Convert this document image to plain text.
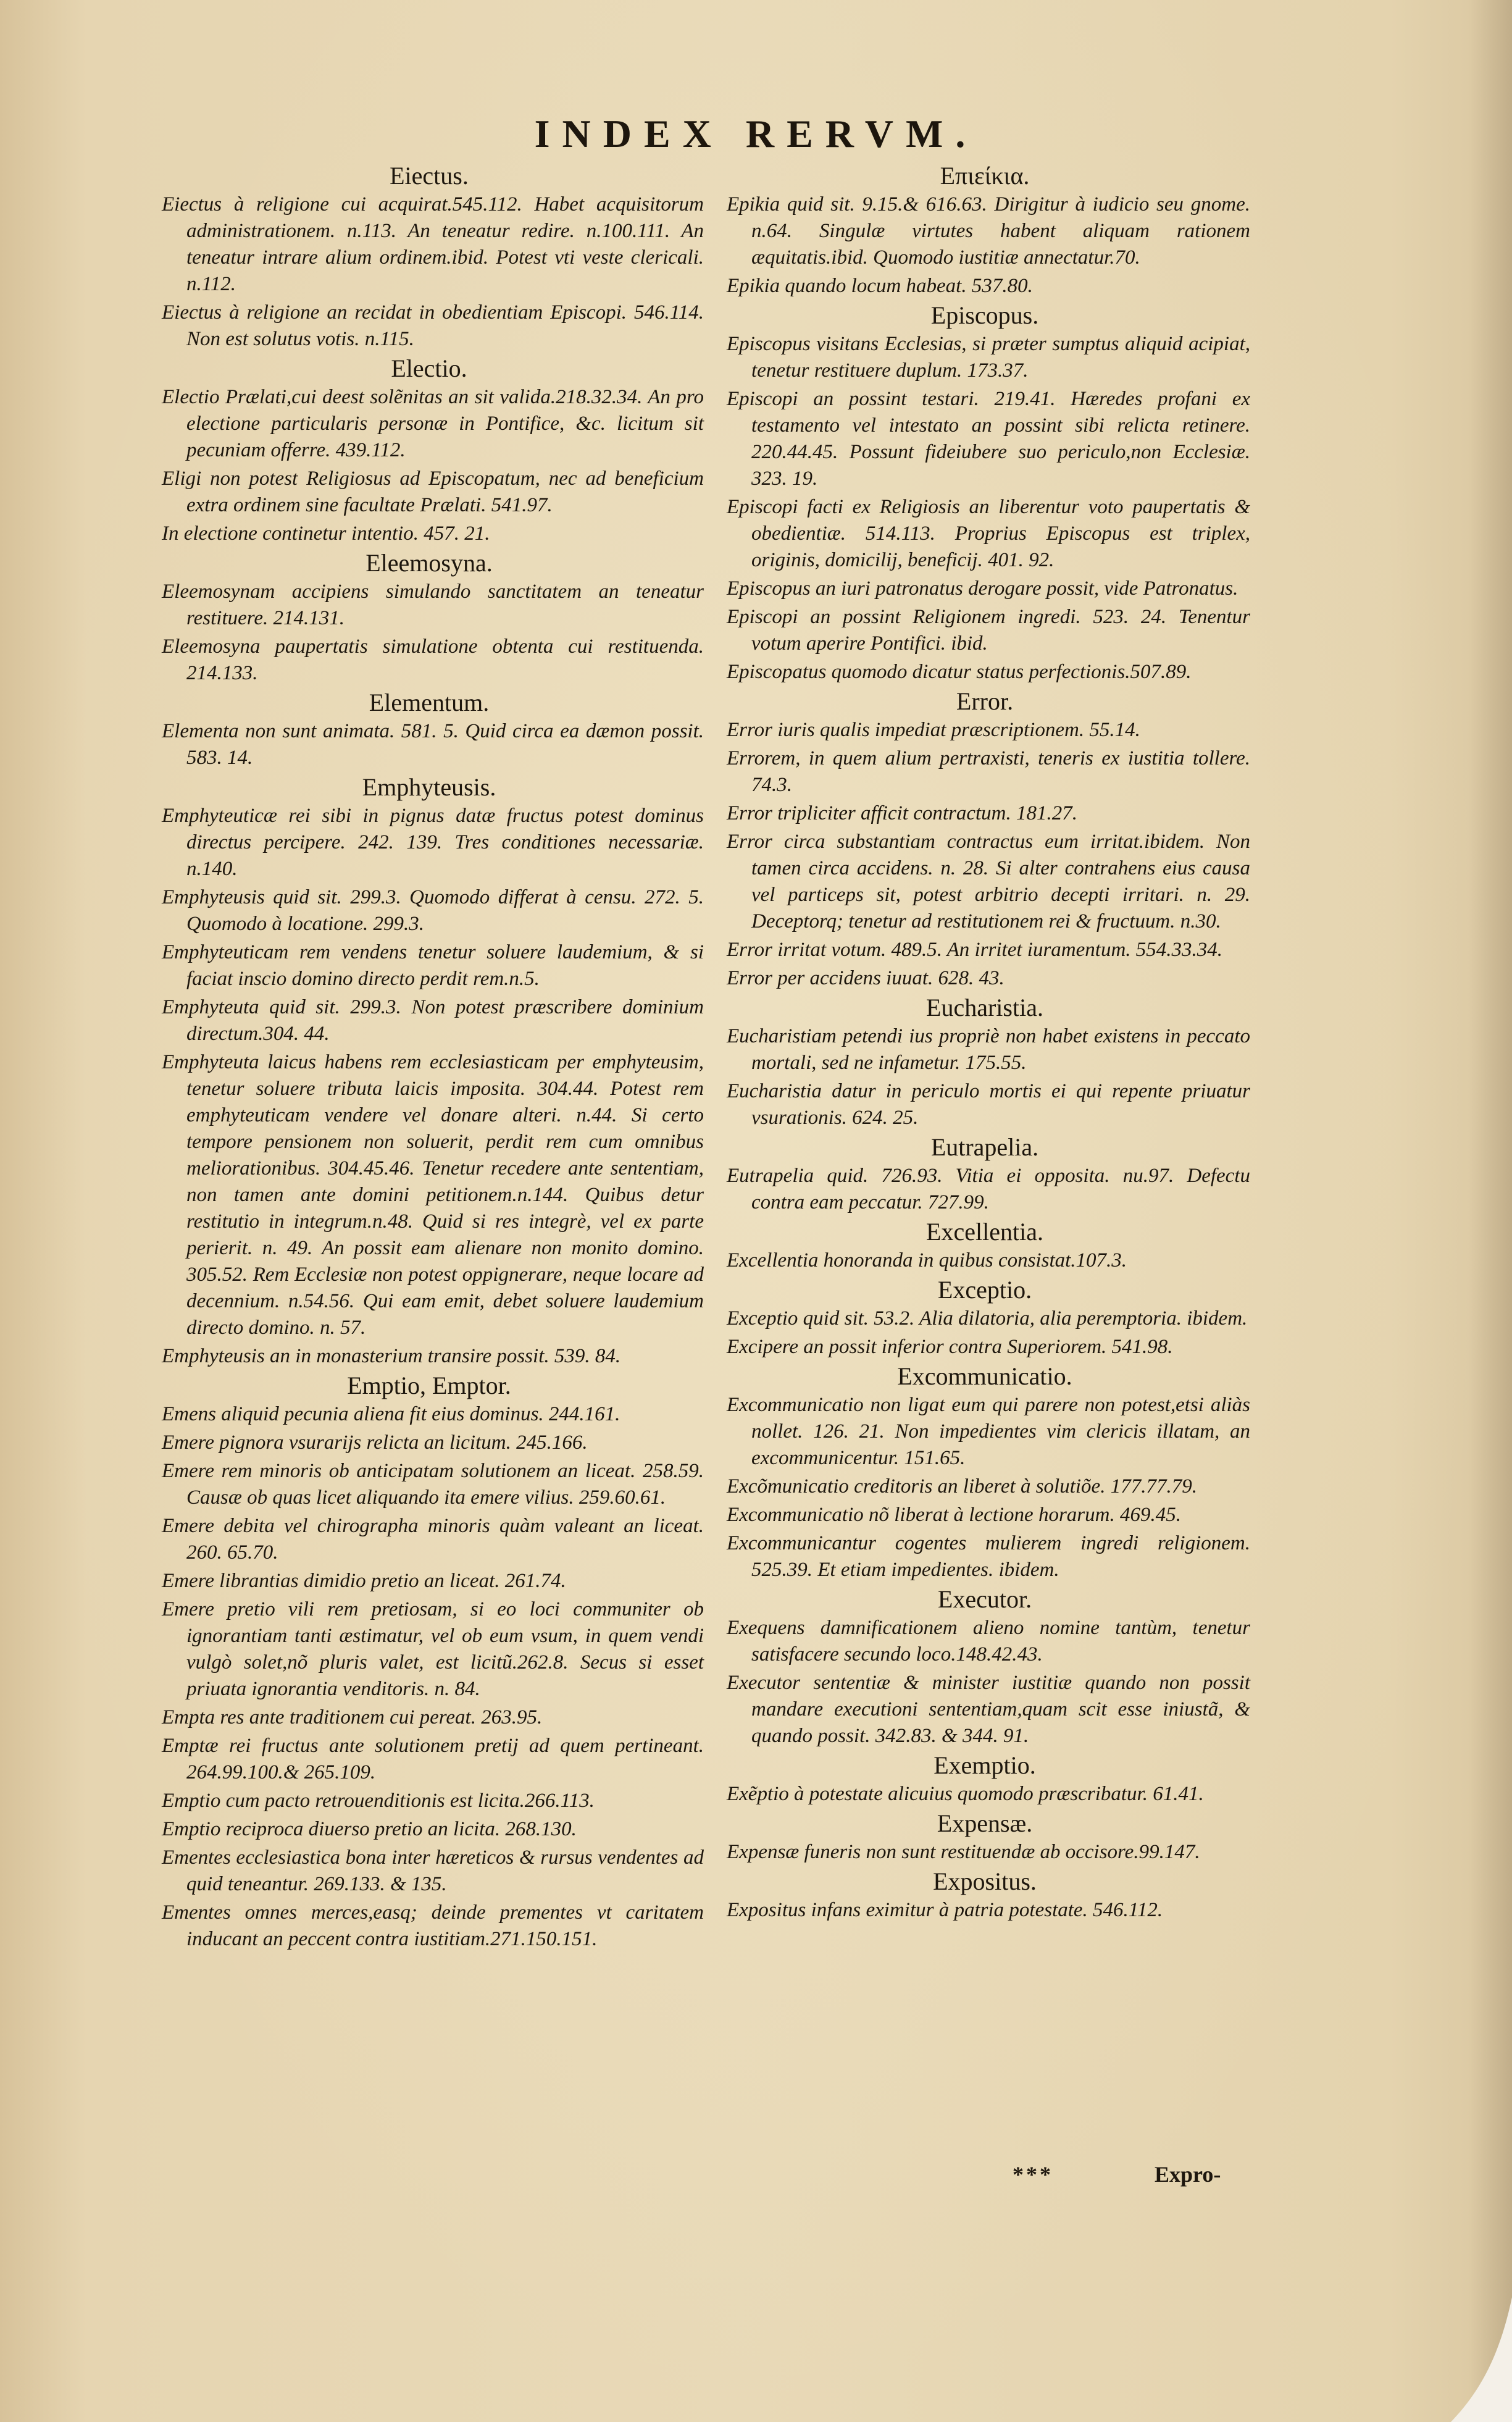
INDEX RERVM.
Eiectus.
Eiectus à religione cui acquirat.545.112. Habet acquisitorum administrationem. n.113. An teneatur redire. n.100.111. An teneatur intrare alium ordinem.ibid. Potest vti veste clericali. n.112.
Eiectus à religione an recidat in obedientiam Episcopi. 546.114. Non est solutus votis. n.115.
Electio.
Electio Prælati,cui deest solẽnitas an sit valida.218.32.34. An pro electione particularis personæ in Pontifice, &c. licitum sit pecuniam offerre. 439.112.
Eligi non potest Religiosus ad Episcopatum, nec ad beneficium extra ordinem sine facultate Prælati. 541.97.
In electione continetur intentio. 457. 21.
Eleemosyna.
Eleemosynam accipiens simulando sanctitatem an teneatur restituere. 214.131.
Eleemosyna paupertatis simulatione obtenta cui restituenda. 214.133.
Elementum.
Elementa non sunt animata. 581. 5. Quid circa ea dæmon possit. 583. 14.
Emphyteusis.
Emphyteuticæ rei sibi in pignus datæ fructus potest dominus directus percipere. 242. 139. Tres conditiones necessariæ. n.140.
Emphyteusis quid sit. 299.3. Quomodo differat à censu. 272. 5. Quomodo à locatione. 299.3.
Emphyteuticam rem vendens tenetur soluere laudemium, & si faciat inscio domino directo perdit rem.n.5.
Emphyteuta quid sit. 299.3. Non potest præscribere dominium directum.304. 44.
Emphyteuta laicus habens rem ecclesiasticam per emphyteusim, tenetur soluere tributa laicis imposita. 304.44. Potest rem emphyteuticam vendere vel donare alteri. n.44. Si certo tempore pensionem non soluerit, perdit rem cum omnibus meliorationibus. 304.45.46. Tenetur recedere ante sententiam, non tamen ante domini petitionem.n.144. Quibus detur restitutio in integrum.n.48. Quid si res integrè, vel ex parte perierit. n. 49. An possit eam alienare non monito domino. 305.52. Rem Ecclesiæ non potest oppignerare, neque locare ad decennium. n.54.56. Qui eam emit, debet soluere laudemium directo domino. n. 57.
Emphyteusis an in monasterium transire possit. 539. 84.
Emptio, Emptor.
Emens aliquid pecunia aliena fit eius dominus. 244.161.
Emere pignora vsurarijs relicta an licitum. 245.166.
Emere rem minoris ob anticipatam solutionem an liceat. 258.59. Causæ ob quas licet aliquando ita emere vilius. 259.60.61.
Emere debita vel chirographa minoris quàm valeant an liceat. 260. 65.70.
Emere librantias dimidio pretio an liceat. 261.74.
Emere pretio vili rem pretiosam, si eo loci communiter ob ignorantiam tanti æstimatur, vel ob eum vsum, in quem vendi vulgò solet,nõ pluris valet, est licitũ.262.8. Secus si esset priuata ignorantia venditoris. n. 84.
Empta res ante traditionem cui pereat. 263.95.
Emptæ rei fructus ante solutionem pretij ad quem pertineant. 264.99.100.& 265.109.
Emptio cum pacto retrouenditionis est licita.266.113.
Emptio reciproca diuerso pretio an licita. 268.130.
Ementes ecclesiastica bona inter hæreticos & rursus vendentes ad quid teneantur. 269.133. & 135.
Ementes omnes merces,easq; deinde prementes vt caritatem inducant an peccent contra iustitiam.271.150.151.
Επιείκια.
Epikia quid sit. 9.15.& 616.63. Dirigitur à iudicio seu gnome. n.64. Singulæ virtutes habent aliquam rationem æquitatis.ibid. Quomodo iustitiæ annectatur.70.
Epikia quando locum habeat. 537.80.
Episcopus.
Episcopus visitans Ecclesias, si præter sumptus aliquid acipiat, tenetur restituere duplum. 173.37.
Episcopi an possint testari. 219.41. Hæredes profani ex testamento vel intestato an possint sibi relicta retinere. 220.44.45. Possunt fideiubere suo periculo,non Ecclesiæ. 323. 19.
Episcopi facti ex Religiosis an liberentur voto paupertatis & obedientiæ. 514.113. Proprius Episcopus est triplex, originis, domicilij, beneficij. 401. 92.
Episcopus an iuri patronatus derogare possit, vide Patronatus.
Episcopi an possint Religionem ingredi. 523. 24. Tenentur votum aperire Pontifici. ibid.
Episcopatus quomodo dicatur status perfectionis.507.89.
Error.
Error iuris qualis impediat præscriptionem. 55.14.
Errorem, in quem alium pertraxisti, teneris ex iustitia tollere. 74.3.
Error tripliciter afficit contractum. 181.27.
Error circa substantiam contractus eum irritat.ibidem. Non tamen circa accidens. n. 28. Si alter contrahens eius causa vel particeps sit, potest arbitrio decepti irritari. n. 29. Deceptorq; tenetur ad restitutionem rei & fructuum. n.30.
Error irritat votum. 489.5. An irritet iuramentum. 554.33.34.
Error per accidens iuuat. 628. 43.
Eucharistia.
Eucharistiam petendi ius propriè non habet existens in peccato mortali, sed ne infametur. 175.55.
Eucharistia datur in periculo mortis ei qui repente priuatur vsurationis. 624. 25.
Eutrapelia.
Eutrapelia quid. 726.93. Vitia ei opposita. nu.97. Defectu contra eam peccatur. 727.99.
Excellentia.
Excellentia honoranda in quibus consistat.107.3.
Exceptio.
Exceptio quid sit. 53.2. Alia dilatoria, alia peremptoria. ibidem.
Excipere an possit inferior contra Superiorem. 541.98.
Excommunicatio.
Excommunicatio non ligat eum qui parere non potest,etsi aliàs nollet. 126. 21. Non impedientes vim clericis illatam, an excommunicentur. 151.65.
Excõmunicatio creditoris an liberet à solutiõe. 177.77.79.
Excommunicatio nõ liberat à lectione horarum. 469.45.
Excommunicantur cogentes mulierem ingredi religionem. 525.39. Et etiam impedientes. ibidem.
Executor.
Exequens damnificationem alieno nomine tantùm, tenetur satisfacere secundo loco.148.42.43.
Executor sententiæ & minister iustitiæ quando non possit mandare executioni sententiam,quam scit esse iniustã, & quando possit. 342.83. & 344. 91.
Exemptio.
Exẽptio à potestate alicuius quomodo præscribatur. 61.41.
Expensæ.
Expensæ funeris non sunt restituendæ ab occisore.99.147.
Expositus.
Expositus infans eximitur à patria potestate. 546.112.
***	Expro-
